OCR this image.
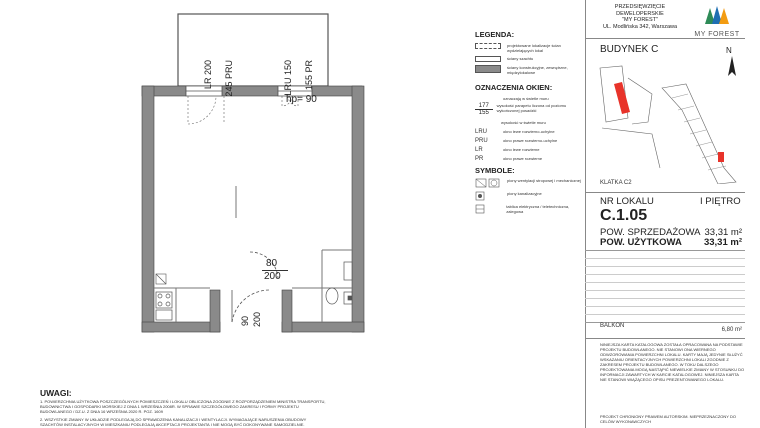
LR 200
245 PRU
LRU 150
155 PR
hp= 90
80
200
90 200
LEGENDA:
projektowane lokalizacje ścian wydzielających lokal
ściany szachtu
ściany konstrukcyjne, zewnętrzne, międzylokalowe
OZNACZENIA OKIEN:
oznaczają w świetle muru
177
155
wysokość parapetu liczona od poziomu wykończonej posadzki
wysokość w świetle muru
LRU	okno lewe rozwierno-uchylne
PRU	okno prawe rozwierno-uchylne
LR	okno lewe rozwierne
PR	okno prawe rozwierne
SYMBOLE:
piony wentylacji stropowej i mechanicznej
piony kanalizacyjne
tablica elektryczna / teletechniczna, zalegowa
PRZEDSIĘWZIĘCIE
DEWELOPERSKIE
"MY FOREST"
UL. Modlińska 342, Warszawa
MY FOREST
BUDYNEK C	N
KLATKA C2
NR LOKALU	I PIĘTRO
C.1.05
POW. SPRZEDAŻOWA 33,31 m²
POW. UŻYTKOWA	33,31 m²
BALKON
6,80 m²
NINIEJSZA KARTA KATALOGOWA ZOSTAŁA OPRACOWANA NA PODSTAWIE PROJEKTU BUDOWLANEGO. NIE STANOWI ONA WIERNEGO ODWZOROWANIA POWIERZCHNI LOKALU. KARTY MAJĄ JEDYNIE SŁUŻYĆ WSKAZANIU ORIENTACYJNYCH POWIERZCHNI LOKALI ZGODNIE Z ZAKRESEM PROJEKTU BUDOWLANEGO. W TOKU DALSZEGO PROJEKTOWANIA MOGĄ NASTĄPIĆ NIEWIELKIE ZMIANY W STOSUNKU DO INFORMACJI ZAWARTYCH W KARCIE KATALOGOWEJ. NINIEJSZA KARTA NIE STANOWI WIĄŻĄCEGO OPISU PREZENTOWANEGO LOKALU.
PROJEKT CHRONIONY PRAWEM AUTORSKIM. NIEPRZEZNACZONY DO CELÓW WYKONAWCZYCH
UWAGI:
1. POWIERZCHNIA UŻYTKOWA POSZCZEGÓLNYCH POMIESZCZEŃ I LOKALU OBLICZONA ZGODNIE Z ROZPORZĄDZENIEM MINISTRA TRANSPORTU, BUDOWNICTWA I GOSPODARKI MORSKIEJ Z DNIA 1 WRZEŚNIA 2008R. W SPRAWIE SZCZEGÓŁOWEGO ZAKRESU I FORMY PROJEKTU BUDOWLANEGO / DZ.U. Z DNIA 16 WRZEŚNIA 2020 R. POZ. 1609
2. WSZYSTKIE ZMIANY W UKŁADZIE PODLEGAJĄ DO SPRAWDZENIA KANALIZACJI I WENTYLACJI. WYMAGAJĄCE NARUSZENIA OBUDOWY SZACHTÓW INSTALACYJNYCH W MIESZKANIU PODLEGAJĄ AKCEPTACJI PROJEKTANTA I NIE MOGĄ BYĆ DOKONYWANE SAMODZIELNIE.
